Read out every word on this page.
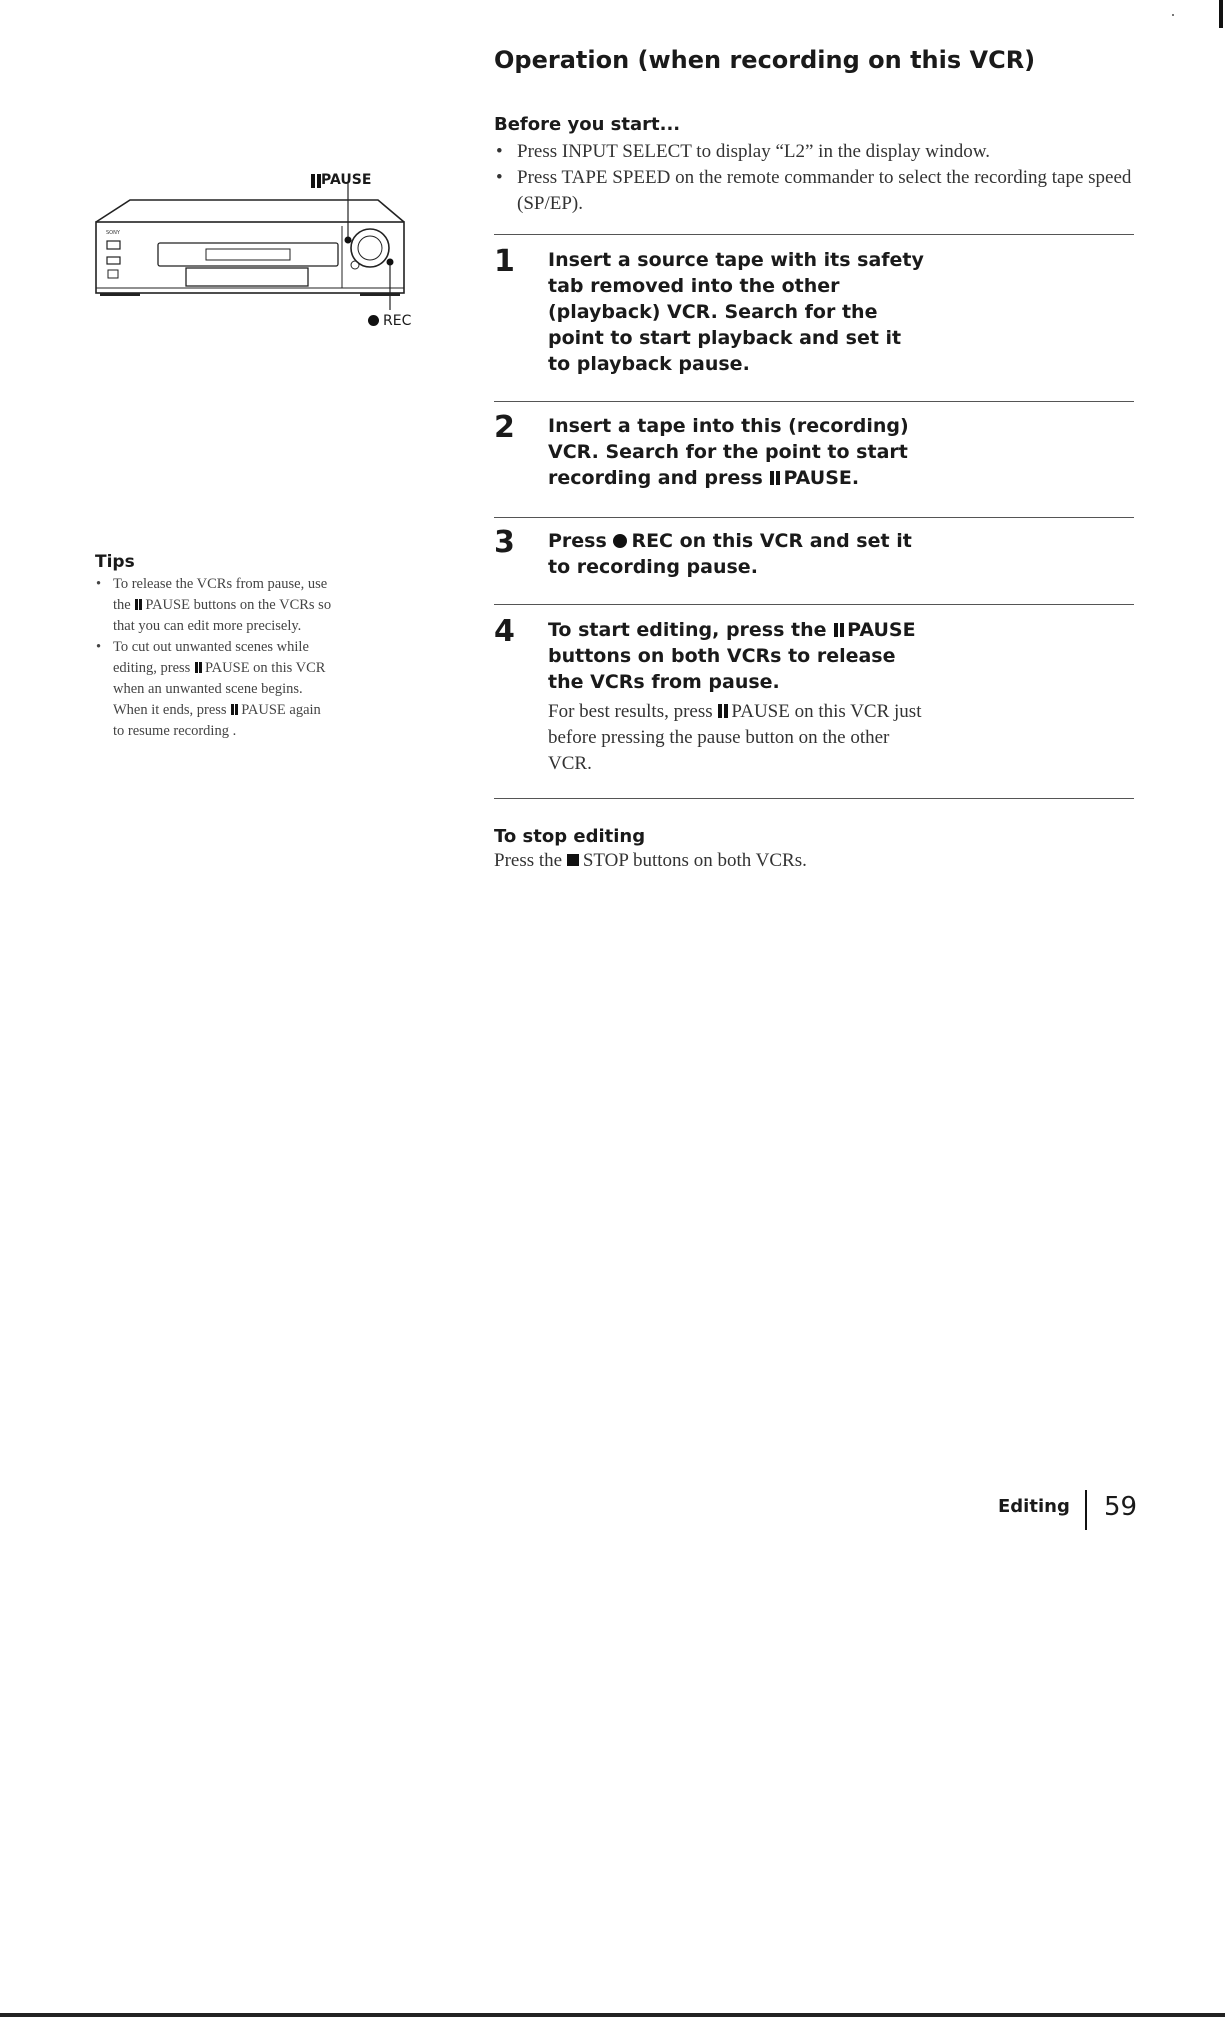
Operation (when recording on this VCR)
Before you start...
• Press INPUT SELECT to display “L2” in the display window.
• Press TAPE SPEED on the remote commander to select the recording tape speed (SP/EP).
1 Insert a source tape with its safety tab removed into the other (playback) VCR. Search for the point to start playback and set it to playback pause.
2 Insert a tape into this (recording) VCR. Search for the point to start recording and press PAUSE.
3 Press REC on this VCR and set it to recording pause.
4 To start editing, press the PAUSE buttons on both VCRs to release the VCRs from pause.
For best results, press PAUSE on this VCR just before pressing the pause button on the other VCR.
To stop editing
Press the STOP buttons on both VCRs.
PAUSE
REC
SONY
Tips
• To release the VCRs from pause, use the PAUSE buttons on the VCRs so that you can edit more precisely.
• To cut out unwanted scenes while editing, press PAUSE on this VCR when an unwanted scene begins. When it ends, press PAUSE again to resume recording .
Editing 59
